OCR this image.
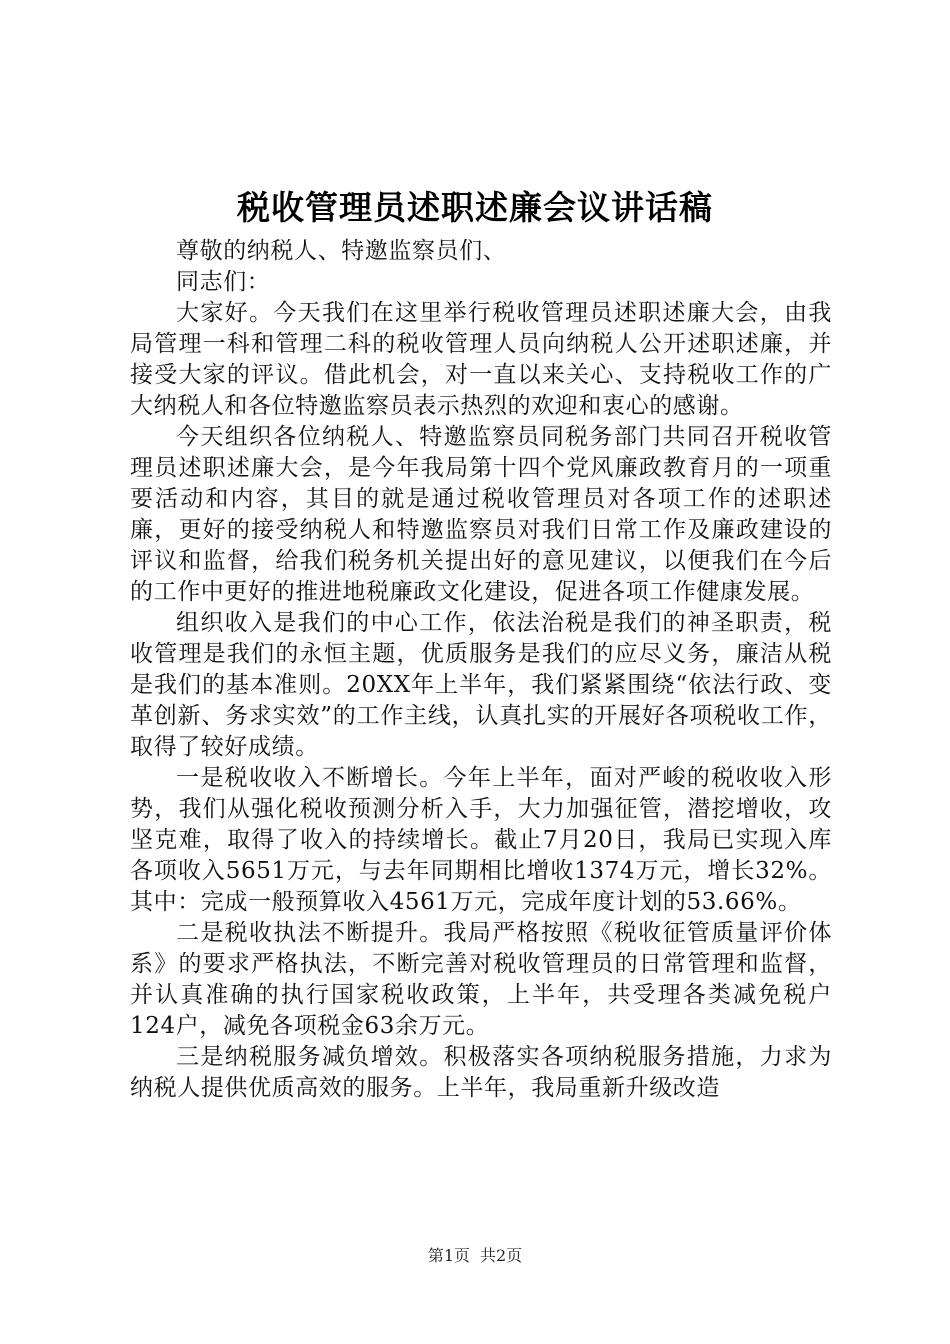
税收管理员述职述廉会议讲话稿

尊敬的纳税人、特邀监察员们、

同志们：

大家好。今天我们在这里举行税收管理员述职述廉大会，由我局管理一科和管理二科的税收管理人员向纳税人公开述职述廉，并接受大家的评议。借此机会，对一直以来关心、支持税收工作的广大纳税人和各位特邀监察员表示热烈的欢迎和衷心的感谢。

今天组织各位纳税人、特邀监察员同税务部门共同召开税收管理员述职述廉大会，是今年我局第十四个党风廉政教育月的一项重要活动和内容，其目的就是通过税收管理员对各项工作的述职述廉，更好的接受纳税人和特邀监察员对我们日常工作及廉政建设的评议和监督，给我们税务机关提出好的意见建议，以便我们在今后的工作中更好的推进地税廉政文化建设，促进各项工作健康发展。

组织收入是我们的中心工作，依法治税是我们的神圣职责，税收管理是我们的永恒主题，优质服务是我们的应尽义务，廉洁从税是我们的基本准则。20XX年上半年，我们紧紧围绕“依法行政、变革创新、务求实效”的工作主线，认真扎实的开展好各项税收工作，取得了较好成绩。

一是税收收入不断增长。今年上半年，面对严峻的税收收入形势，我们从强化税收预测分析入手，大力加强征管，潜挖增收，攻坚克难，取得了收入的持续增长。截止7月20日，我局已实现入库各项收入5651万元，与去年同期相比增收1374万元，增长32%。其中：完成一般预算收入4561万元，完成年度计划的53.66%。

二是税收执法不断提升。我局严格按照《税收征管质量评价体系》的要求严格执法，不断完善对税收管理员的日常管理和监督，并认真准确的执行国家税收政策，上半年，共受理各类减免税户124户，减免各项税金63余万元。

三是纳税服务减负增效。积极落实各项纳税服务措施，力求为纳税人提供优质高效的服务。上半年，我局重新升级改造

第1页 共2页
